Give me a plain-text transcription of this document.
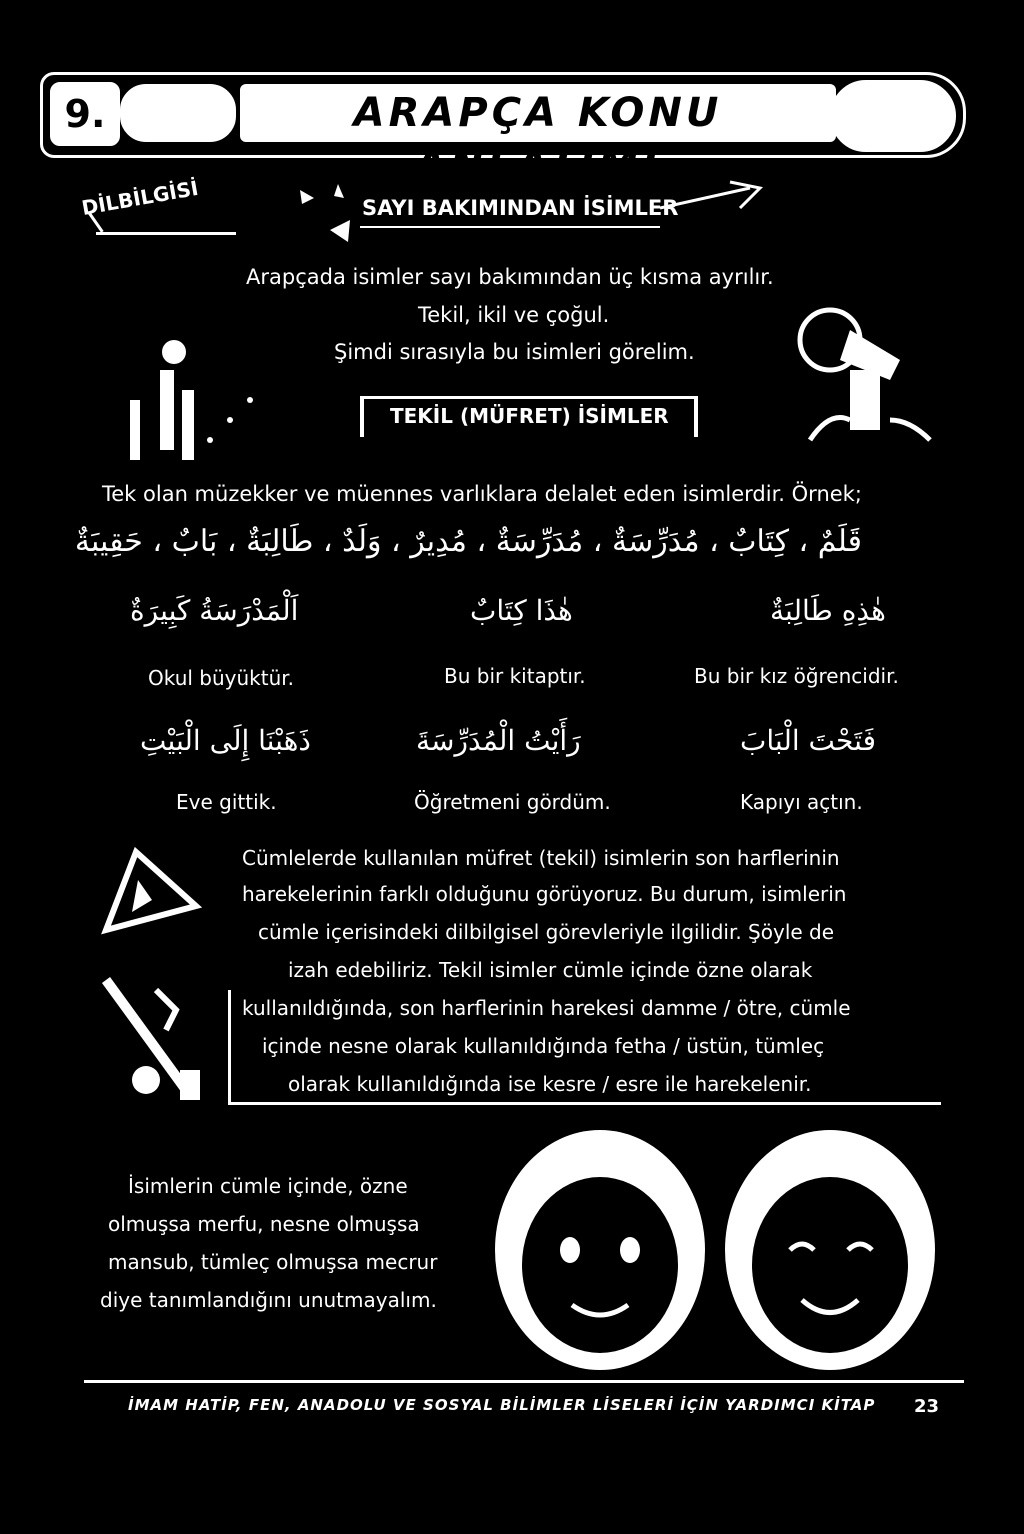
9.	ARAPÇA KONU ANLATIMI
DİLBİLGİSİ	SAYI BAKIMINDAN İSİMLER
Arapçada isimler sayı bakımından üç kısma ayrılır.
Tekil, ikil ve çoğul.
Şimdi sırasıyla bu isimleri görelim.
TEKİL (MÜFRET) İSİMLER
Tek olan müzekker ve müennes varlıklara delalet eden isimlerdir. Örnek;
قَلَمٌ ، كِتَابٌ ، مُدَرِّسَةٌ ، مُدَرِّسَةٌ ، مُدِيرٌ ، وَلَدٌ ، طَالِبَةٌ ، بَابٌ ، حَقِيبَةٌ
هٰذِهِ طَالِبَةٌ
هٰذَا كِتَابٌ
اَلْمَدْرَسَةُ كَبِيرَةٌ
Bu bir kız öğrencidir.
Bu bir kitaptır.
Okul büyüktür.
فَتَحْتَ الْبَابَ
رَأَيْتُ الْمُدَرِّسَةَ
ذَهَبْنَا إِلَى الْبَيْتِ
Kapıyı açtın.
Öğretmeni gördüm.
Eve gittik.
Cümlelerde kullanılan müfret (tekil) isimlerin son harflerinin
harekelerinin farklı olduğunu görüyoruz. Bu durum, isimlerin
cümle içerisindeki dilbilgisel görevleriyle ilgilidir. Şöyle de
izah edebiliriz. Tekil isimler cümle içinde özne olarak
kullanıldığında, son harflerinin harekesi damme / ötre, cümle
içinde nesne olarak kullanıldığında fetha / üstün, tümleç
olarak kullanıldığında ise kesre / esre ile harekelenir.
İsimlerin cümle içinde, özne
olmuşsa merfu, nesne olmuşsa
mansub, tümleç olmuşsa mecrur
diye tanımlandığını unutmayalım.
İMAM HATİP, FEN, ANADOLU VE SOSYAL BİLİMLER LİSELERİ İÇİN YARDIMCI KİTAP 23
